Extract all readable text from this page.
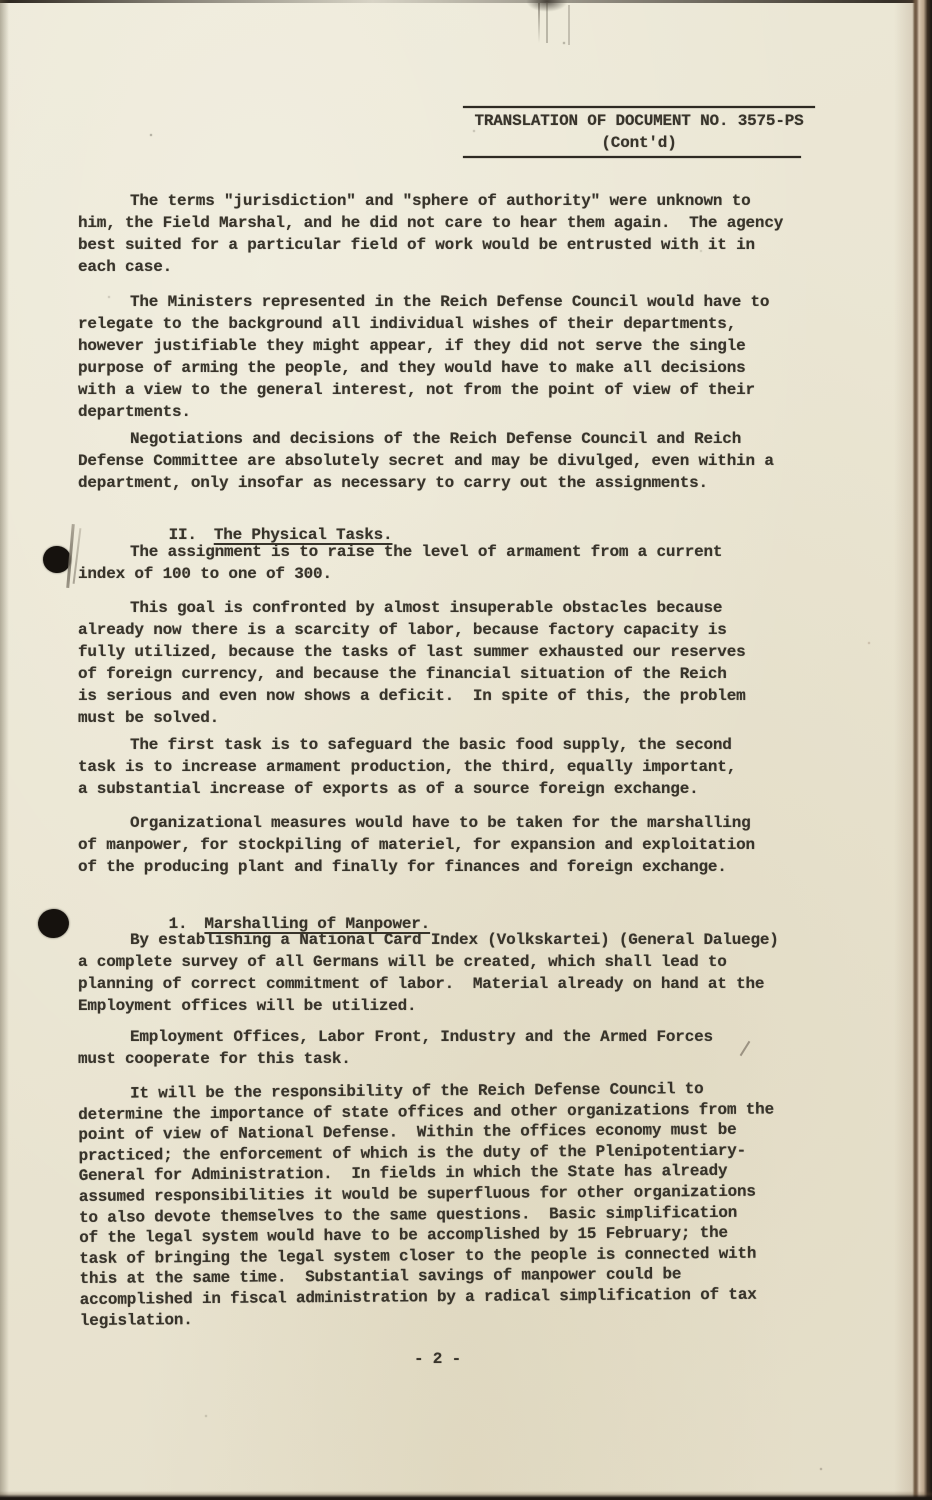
TRANSLATION OF DOCUMENT NO. 3575-PS
(Cont'd)
The terms "jurisdiction" and "sphere of authority" were unknown to
him, the Field Marshal, and he did not care to hear them again.  The agency
best suited for a particular field of work would be entrusted with it in
each case.
The Ministers represented in the Reich Defense Council would have to
relegate to the background all individual wishes of their departments,
however justifiable they might appear, if they did not serve the single
purpose of arming the people, and they would have to make all decisions
with a view to the general interest, not from the point of view of their
departments.
Negotiations and decisions of the Reich Defense Council and Reich
Defense Committee are absolutely secret and may be divulged, even within a
department, only insofar as necessary to carry out the assignments.

II. The Physical Tasks.

The assignment is to raise the level of armament from a current
index of 100 to one of 300.
This goal is confronted by almost insuperable obstacles because
already now there is a scarcity of labor, because factory capacity is
fully utilized, because the tasks of last summer exhausted our reserves
of foreign currency, and because the financial situation of the Reich
is serious and even now shows a deficit.  In spite of this, the problem
must be solved.
The first task is to safeguard the basic food supply, the second
task is to increase armament production, the third, equally important,
a substantial increase of exports as of a source foreign exchange.
Organizational measures would have to be taken for the marshalling
of manpower, for stockpiling of materiel, for expansion and exploitation
of the producing plant and finally for finances and foreign exchange.

1. Marshalling of Manpower.

By establishing a National Card Index (Volkskartei) (General Daluege)
a complete survey of all Germans will be created, which shall lead to
planning of correct commitment of labor.  Material already on hand at the
Employment offices will be utilized.
Employment Offices, Labor Front, Industry and the Armed Forces
must cooperate for this task.
It will be the responsibility of the Reich Defense Council to
determine the importance of state offices and other organizations from the
point of view of National Defense.  Within the offices economy must be
practiced; the enforcement of which is the duty of the Plenipotentiary-
General for Administration.  In fields in which the State has already
assumed responsibilities it would be superfluous for other organizations
to also devote themselves to the same questions.  Basic simplification
of the legal system would have to be accomplished by 15 February; the
task of bringing the legal system closer to the people is connected with
this at the same time.  Substantial savings of manpower could be
accomplished in fiscal administration by a radical simplification of tax
legislation.
- 2 -
